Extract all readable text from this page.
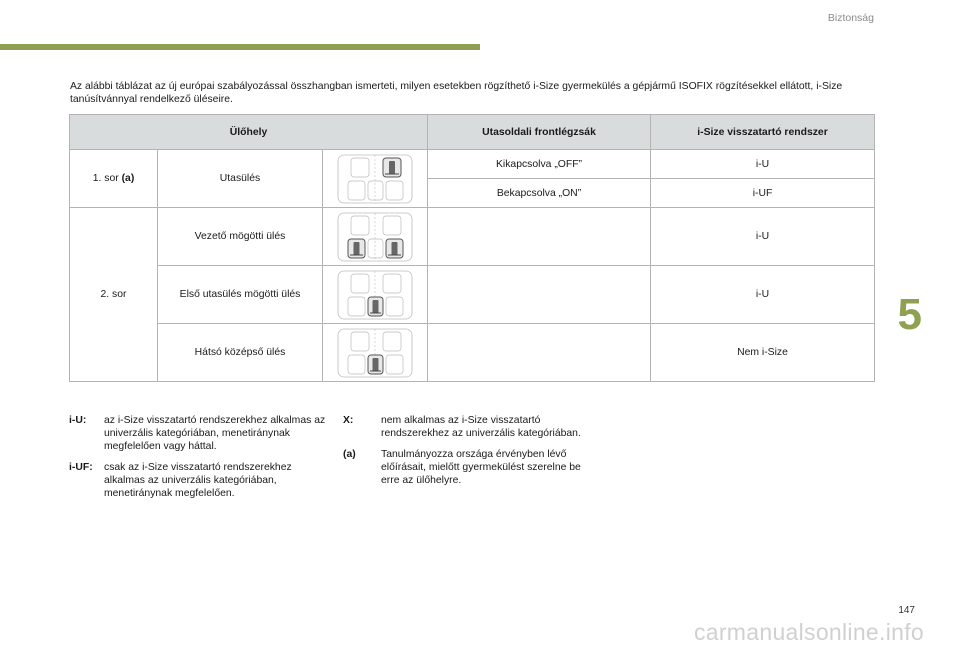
Biztonság
5

Az alábbi táblázat az új európai szabályozással összhangban ismerteti, milyen esetekben rögzíthető i-Size gyermekülés a gépjármű ISOFIX rögzítésekkel ellátott, i-Size tanúsítvánnyal rendelkező üléseire.

Ülőhely			Utasoldali frontlégzsák	i-Size visszatartó rendszer
1. sor (a)	Utasülés		Kikapcsolva „OFF”	i-U
			Bekapcsolva „ON”	i-UF
2. sor	Vezető mögötti ülés			i-U
	Első utasülés mögötti ülés			i-U
	Hátsó középső ülés			Nem i-Size
i-U:	az i-Size visszatartó rendszerekhez alkalmas az univerzális kategóriában, menetiránynak megfelelően vagy háttal.
i-UF:	csak az i-Size visszatartó rendszerekhez alkalmas az univerzális kategóriában, menetiránynak megfelelően.
X:	nem alkalmas az i-Size visszatartó rendszerekhez az univerzális kategóriában.
(a)	Tanulmányozza országa érvényben lévő előírásait, mielőtt gyermekülést szerelne be erre az ülőhelyre.
147
carmanualsonline.info
